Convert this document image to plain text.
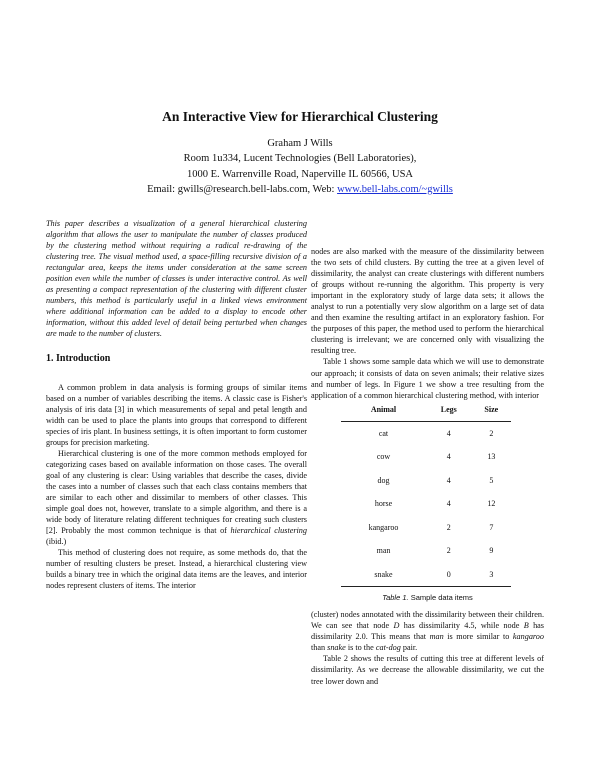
An Interactive View for Hierarchical Clustering
Graham J Wills
Room 1u334, Lucent Technologies (Bell Laboratories),
1000 E. Warrenville Road, Naperville IL 60566, USA
Email: gwills@research.bell-labs.com, Web: www.bell-labs.com/~gwills

This paper describes a visualization of a general hierarchical clustering algorithm that allows the user to manipulate the number of classes produced by the clustering method without requiring a radical re-drawing of the clustering tree. The visual method used, a space-filling recursive division of a rectangular area, keeps the items under consideration at the same screen position even while the number of classes is under interactive control. As well as presenting a compact representation of the clustering with different cluster numbers, this method is particularly useful in a linked views environment where additional information can be added to a display to encode other information, without this added level of detail being perturbed when changes are made to the number of clusters.

1. Introduction

A common problem in data analysis is forming groups of similar items based on a number of variables describing the items. A classic case is Fisher's analysis of iris data [3] in which measurements of sepal and petal length and width can be used to place the plants into groups that correspond to different species of iris plant. In business settings, it is often important to form customer groups for precision marketing.

Hierarchical clustering is one of the more common methods employed for categorizing cases based on available information on those cases. The overall goal of any clustering is clear: Using variables that describe the cases, divide the cases into a number of classes such that each class contains members that are similar to each other and dissimilar to members of other classes. This simple goal does not, however, translate to a simple algorithm, and there is a wide body of literature relating different techniques for creating such clusters [2]. Probably the most common technique is that of hierarchical clustering (ibid.)

This method of clustering does not require, as some methods do, that the number of resulting clusters be preset. Instead, a hierarchical clustering view builds a binary tree in which the original data items are the leaves, and interior nodes represent clusters of items. The interior

nodes are also marked with the measure of the dissimilarity between the two sets of child clusters. By cutting the tree at a given level of dissimilarity, the analyst can create clusterings with different numbers of groups without re-running the algorithm. This property is very important in the exploratory study of large data sets; it allows the analyst to run a potentially very slow algorithm on a large set of data and then examine the resulting artifact in an exploratory fashion. For the purposes of this paper, the method used to perform the hierarchical clustering is irrelevant; we are concerned only with visualizing the resulting tree.

Table 1 shows some sample data which we will use to demonstrate our approach; it consists of data on seven animals; their relative sizes and number of legs. In Figure 1 we show a tree resulting from the application of a common hierarchical clustering method, with interior

Animal	Legs	Size
cat	4	2
cow	4	13
dog	4	5
horse	4	12
kangaroo	2	7
man	2	9
snake	0	3
Table 1. Sample data items

(cluster) nodes annotated with the dissimilarity between their children. We can see that node D has dissimilarity 4.5, while node B has dissimilarity 2.0. This means that man is more similar to kangaroo than snake is to the cat-dog pair.

Table 2 shows the results of cutting this tree at different levels of dissimilarity. As we decrease the allowable dissimilarity, we cut the tree lower down and
